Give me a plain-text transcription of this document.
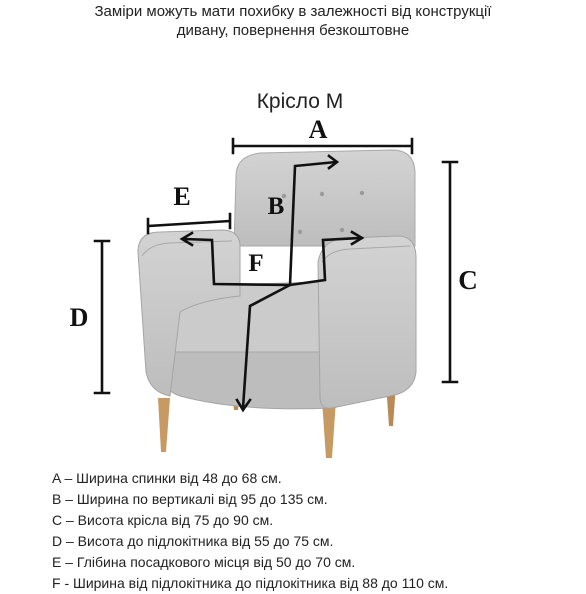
Заміри можуть мати похибку в залежності від конструкції
дивану, повернення безкоштовне
Крісло М
A
B
C
D
E
F
A – Ширина спинки від 48 до 68 см.
B – Ширина по вертикалі від 95 до 135 см.
C – Висота крісла від 75 до 90 см.
D – Висота до підлокітника від 55 до 75 см.
E – Глібина посадкового місця від 50 до 70 см.
F - Ширина від підлокітника до підлокітника від 88 до 110 см.
